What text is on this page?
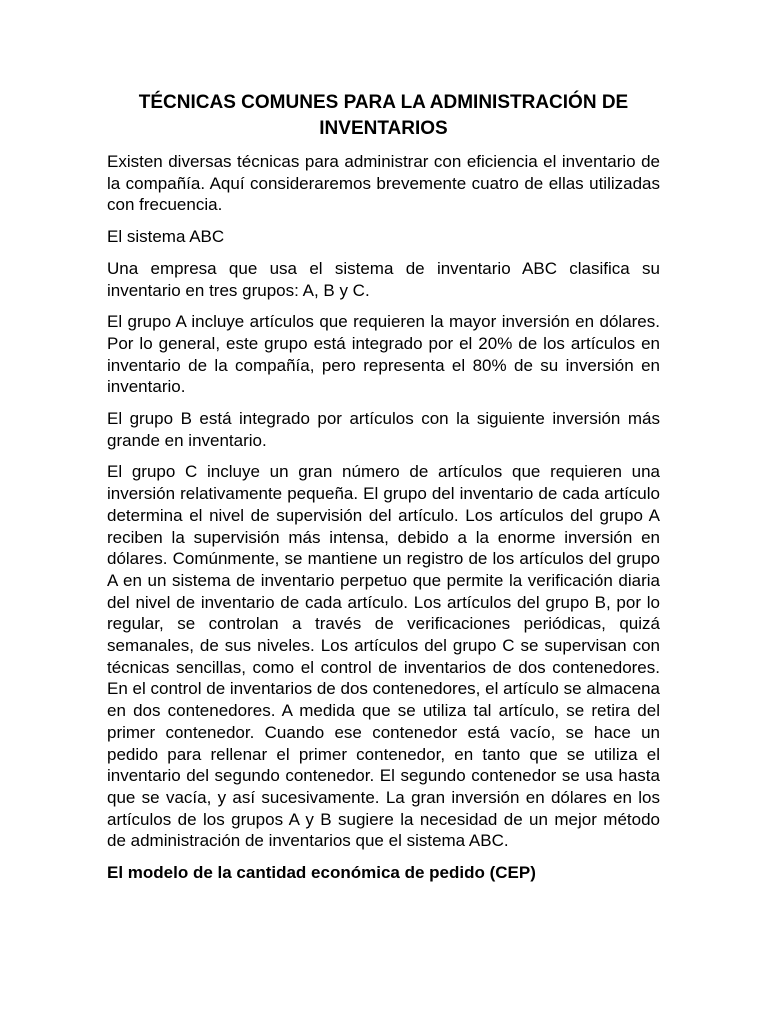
TÉCNICAS COMUNES PARA LA ADMINISTRACIÓN DE INVENTARIOS

Existen diversas técnicas para administrar con eficiencia el inventario de la compañía. Aquí consideraremos brevemente cuatro de ellas utilizadas con frecuencia.

El sistema ABC

Una empresa que usa el sistema de inventario ABC clasifica su inventario en tres grupos: A, B y C.

El grupo A incluye artículos que requieren la mayor inversión en dólares. Por lo general, este grupo está integrado por el 20% de los artículos en inventario de la compañía, pero representa el 80% de su inversión en inventario.

El grupo B está integrado por artículos con la siguiente inversión más grande en inventario.

El grupo C incluye un gran número de artículos que requieren una inversión relativamente pequeña. El grupo del inventario de cada artículo determina el nivel de supervisión del artículo. Los artículos del grupo A reciben la supervisión más intensa, debido a la enorme inversión en dólares. Comúnmente, se mantiene un registro de los artículos del grupo A en un sistema de inventario perpetuo que permite la verificación diaria del nivel de inventario de cada artículo. Los artículos del grupo B, por lo regular, se controlan a través de verificaciones periódicas, quizá semanales, de sus niveles. Los artículos del grupo C se supervisan con técnicas sencillas, como el control de inventarios de dos contenedores. En el control de inventarios de dos contenedores, el artículo se almacena en dos contenedores. A medida que se utiliza tal artículo, se retira del primer contenedor. Cuando ese contenedor está vacío, se hace un pedido para rellenar el primer contenedor, en tanto que se utiliza el inventario del segundo contenedor. El segundo contenedor se usa hasta que se vacía, y así sucesivamente. La gran inversión en dólares en los artículos de los grupos A y B sugiere la necesidad de un mejor método de administración de inventarios que el sistema ABC.

El modelo de la cantidad económica de pedido (CEP)
